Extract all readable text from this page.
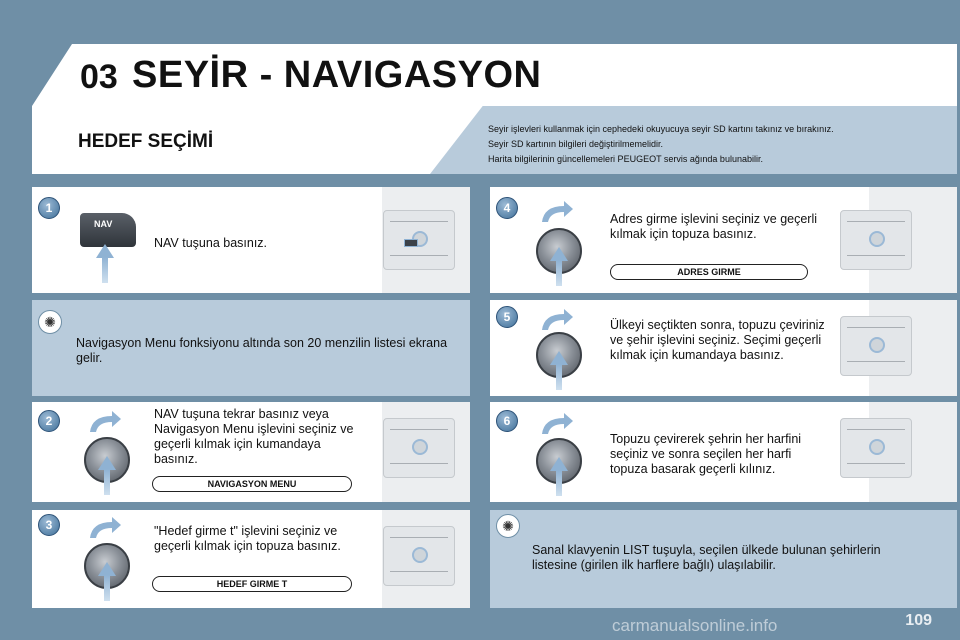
03 SEYİR - NAVIGASYON
HEDEF SEÇİMİ
Seyir işlevleri kullanmak için cephedeki okuyucuya seyir SD kartını takınız ve bırakınız.
Seyir SD kartının bilgileri değiştirilmemelidir.
Harita bilgilerinin güncellemeleri PEUGEOT servis ağında bulunabilir.
1
NAV
NAV tuşuna basınız.
✺
Navigasyon Menu fonksiyonu altında son 20 menzilin listesi ekrana gelir.
2	NAV tuşuna tekrar basınız veya Navigasyon Menu işlevini seçiniz ve geçerli kılmak için kumandaya basınız.
NAVIGASYON MENU
3	"Hedef girme t" işlevini seçiniz ve geçerli kılmak için topuza basınız.
HEDEF GIRME T
4
Adres girme işlevini seçiniz ve geçerli kılmak için topuza basınız.
ADRES GIRME
5
Ülkeyi seçtikten sonra, topuzu çeviriniz ve şehir işlevini seçiniz. Seçimi geçerli kılmak için kumandaya basınız.
6
Topuzu çevirerek şehrin her harfini seçiniz ve sonra seçilen her harfi topuza basarak geçerli kılınız.
✺
Sanal klavyenin LIST tuşuyla, seçilen ülkede bulunan şehirlerin listesine (girilen ilk harflere bağlı) ulaşılabilir.
carmanualsonline.info	109
